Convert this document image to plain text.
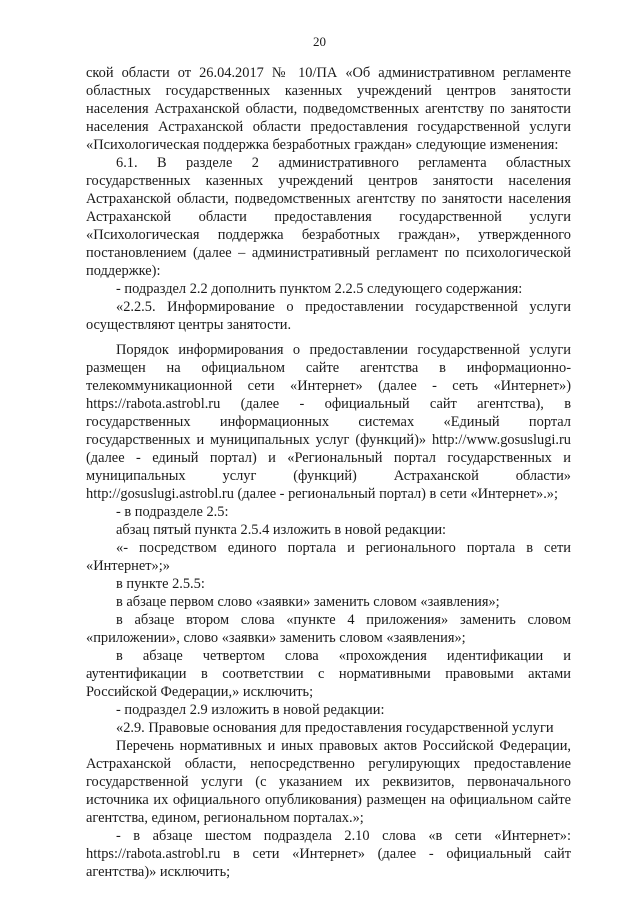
20

ской области от 26.04.2017 № 10/ПА «Об административном регламенте областных государственных казенных учреждений центров занятости населения Астраханской области, подведомственных агентству по занятости населения Астраханской области предоставления государственной услуги «Психологическая поддержка безработных граждан» следующие изменения:

6.1. В разделе 2 административного регламента областных государственных казенных учреждений центров занятости населения Астраханской области, подведомственных агентству по занятости населения Астраханской области предоставления государственной услуги «Психологическая поддержка безработных граждан», утвержденного постановлением (далее – административный регламент по психологической поддержке):

- подраздел 2.2 дополнить пунктом 2.2.5 следующего содержания:

«2.2.5. Информирование о предоставлении государственной услуги осуществляют центры занятости.

Порядок информирования о предоставлении государственной услуги размещен на официальном сайте агентства в информационно-телекоммуникационной сети «Интернет» (далее - сеть «Интернет») https://rabota.astrobl.ru (далее - официальный сайт агентства), в государственных информационных системах «Единый портал государственных и муниципальных услуг (функций)» http://www.gosuslugi.ru (далее - единый портал) и «Региональный портал государственных и муниципальных услуг (функций) Астраханской области» http://gosuslugi.astrobl.ru (далее - региональный портал) в сети «Интернет».»;

- в подразделе 2.5:

абзац пятый пункта 2.5.4 изложить в новой редакции:

«- посредством единого портала и регионального портала в сети «Интернет»;»

в пункте 2.5.5:

в абзаце первом слово «заявки» заменить словом «заявления»;

в абзаце втором слова «пункте 4 приложения» заменить словом «приложении», слово «заявки» заменить словом «заявления»;

в абзаце четвертом слова «прохождения идентификации и аутентификации в соответствии с нормативными правовыми актами Российской Федерации,» исключить;

- подраздел 2.9 изложить в новой редакции:

«2.9. Правовые основания для предоставления государственной услуги

Перечень нормативных и иных правовых актов Российской Федерации, Астраханской области, непосредственно регулирующих предоставление государственной услуги (с указанием их реквизитов, первоначального источника их официального опубликования) размещен на официальном сайте агентства, едином, региональном порталах.»;

- в абзаце шестом подраздела 2.10 слова «в сети «Интернет»: https://rabota.astrobl.ru в сети «Интернет» (далее - официальный сайт агентства)» исключить;
